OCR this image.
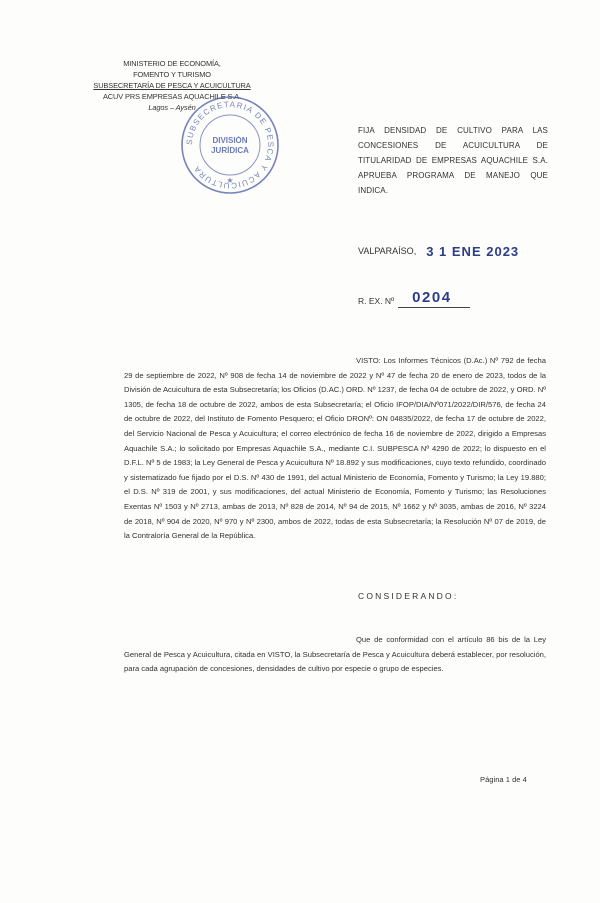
MINISTERIO DE ECONOMÍA,
FOMENTO Y TURISMO
SUBSECRETARÍA DE PESCA Y ACUICULTURA
ACUV PRS EMPRESAS AQUACHILE S.A.
Lagos – Aysén
SUBSECRETARIA DE PESCA Y ACUICULTURA
DIVISIÓN
JURÍDICA
★
FIJA DENSIDAD DE CULTIVO PARA LAS CONCESIONES DE ACUICULTURA DE TITULARIDAD DE EMPRESAS AQUACHILE S.A. APRUEBA PROGRAMA DE MANEJO QUE INDICA.
VALPARAÍSO, 3 1 ENE 2023
R. EX. Nº	0204
VISTO: Los Informes Técnicos (D.Ac.) Nº 792 de fecha 29 de septiembre de 2022, Nº 908 de fecha 14 de noviembre de 2022 y Nº 47 de fecha 20 de enero de 2023, todos de la División de Acuicultura de esta Subsecretaría; los Oficios (D.AC.) ORD. Nº 1237, de fecha 04 de octubre de 2022, y ORD. Nº 1305, de fecha 18 de octubre de 2022, ambos de esta Subsecretaría; el Oficio IFOP/DIA/Nº071/2022/DIR/576, de fecha 24 de octubre de 2022, del Instituto de Fomento Pesquero; el Oficio DRONº: ON 04835/2022, de fecha 17 de octubre de 2022, del Servicio Nacional de Pesca y Acuicultura; el correo electrónico de fecha 16 de noviembre de 2022, dirigido a Empresas Aquachile S.A.; lo solicitado por Empresas Aquachile S.A., mediante C.I. SUBPESCA Nº 4290 de 2022; lo dispuesto en el D.F.L. Nº 5 de 1983; la Ley General de Pesca y Acuicultura Nº 18.892 y sus modificaciones, cuyo texto refundido, coordinado y sistematizado fue fijado por el D.S. Nº 430 de 1991, del actual Ministerio de Economía, Fomento y Turismo; la Ley 19.880; el D.S. Nº 319 de 2001, y sus modificaciones, del actual Ministerio de Economía, Fomento y Turismo; las Resoluciones Exentas Nº 1503 y Nº 2713, ambas de 2013, Nº 828 de 2014, Nº 94 de 2015, Nº 1662 y Nº 3035, ambas de 2016, Nº 3224 de 2018, Nº 904 de 2020, Nº 970 y Nº 2300, ambos de 2022, todas de esta Subsecretaría; la Resolución Nº 07 de 2019, de la Contraloría General de la República.
CONSIDERANDO:
Que de conformidad con el artículo 86 bis de la Ley General de Pesca y Acuicultura, citada en VISTO, la Subsecretaría de Pesca y Acuicultura deberá establecer, por resolución, para cada agrupación de concesiones, densidades de cultivo por especie o grupo de especies.
Página 1 de 4
